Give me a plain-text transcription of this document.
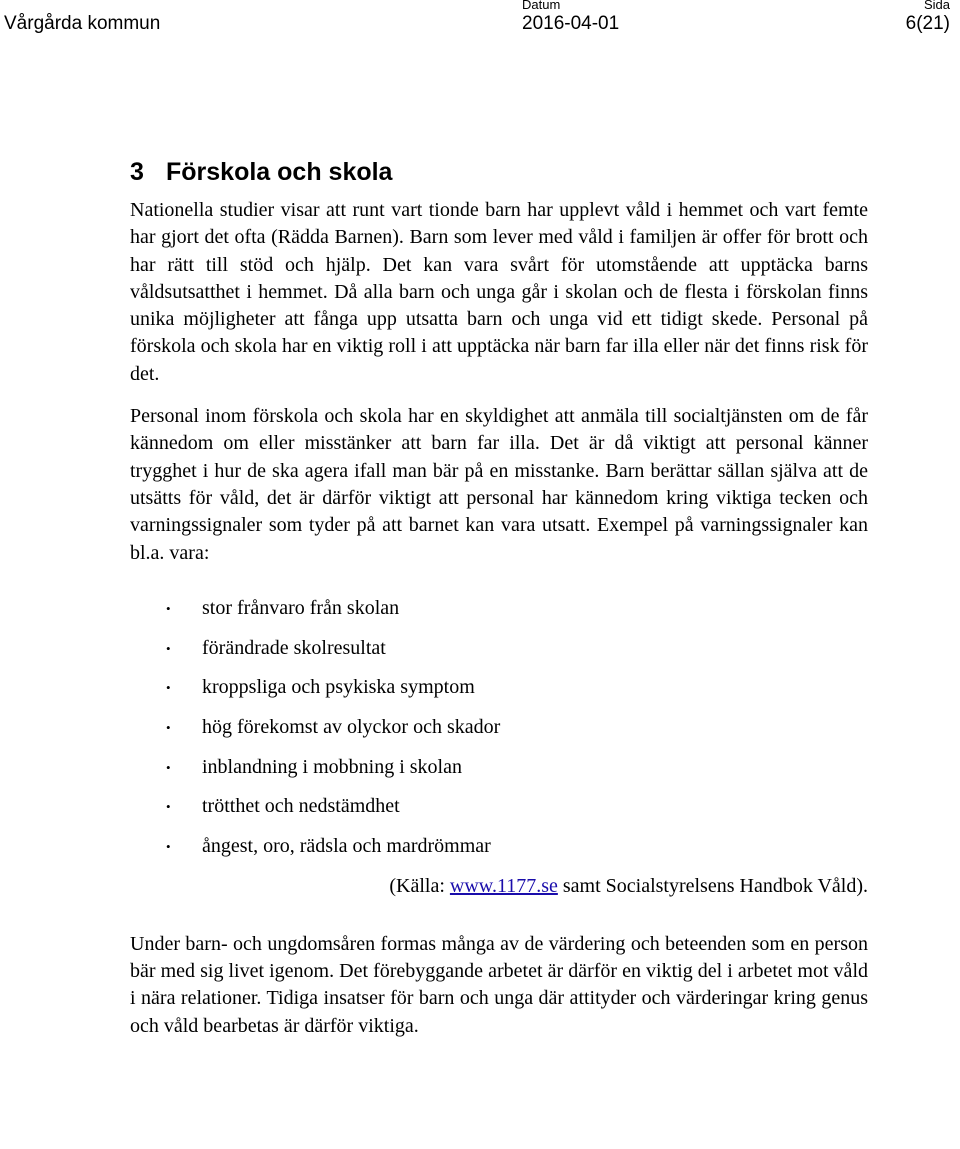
Vårgårda kommun
Datum
2016-04-01
Sida
6(21)
3 Förskola och skola

Nationella studier visar att runt vart tionde barn har upplevt våld i hemmet och vart femte har gjort det ofta (Rädda Barnen). Barn som lever med våld i familjen är offer för brott och har rätt till stöd och hjälp. Det kan vara svårt för utomstående att upptäcka barns våldsutsatthet i hemmet. Då alla barn och unga går i skolan och de flesta i förskolan finns unika möjligheter att fånga upp utsatta barn och unga vid ett tidigt skede. Personal på förskola och skola har en viktig roll i att upptäcka när barn far illa eller när det finns risk för det.

Personal inom förskola och skola har en skyldighet att anmäla till socialtjänsten om de får kännedom om eller misstänker att barn far illa. Det är då viktigt att personal känner trygghet i hur de ska agera ifall man bär på en misstanke. Barn berättar sällan själva att de utsätts för våld, det är därför viktigt att personal har kännedom kring viktiga tecken och varningssignaler som tyder på att barnet kan vara utsatt. Exempel på varningssignaler kan bl.a. vara:

• stor frånvaro från skolan
• förändrade skolresultat
• kroppsliga och psykiska symptom
• hög förekomst av olyckor och skador
• inblandning i mobbning i skolan
• trötthet och nedstämdhet
• ångest, oro, rädsla och mardrömmar
(Källa: www.1177.se samt Socialstyrelsens Handbok Våld).

Under barn- och ungdomsåren formas många av de värdering och beteenden som en person bär med sig livet igenom. Det förebyggande arbetet är därför en viktig del i arbetet mot våld i nära relationer. Tidiga insatser för barn och unga där attityder och värderingar kring genus och våld bearbetas är därför viktiga.
